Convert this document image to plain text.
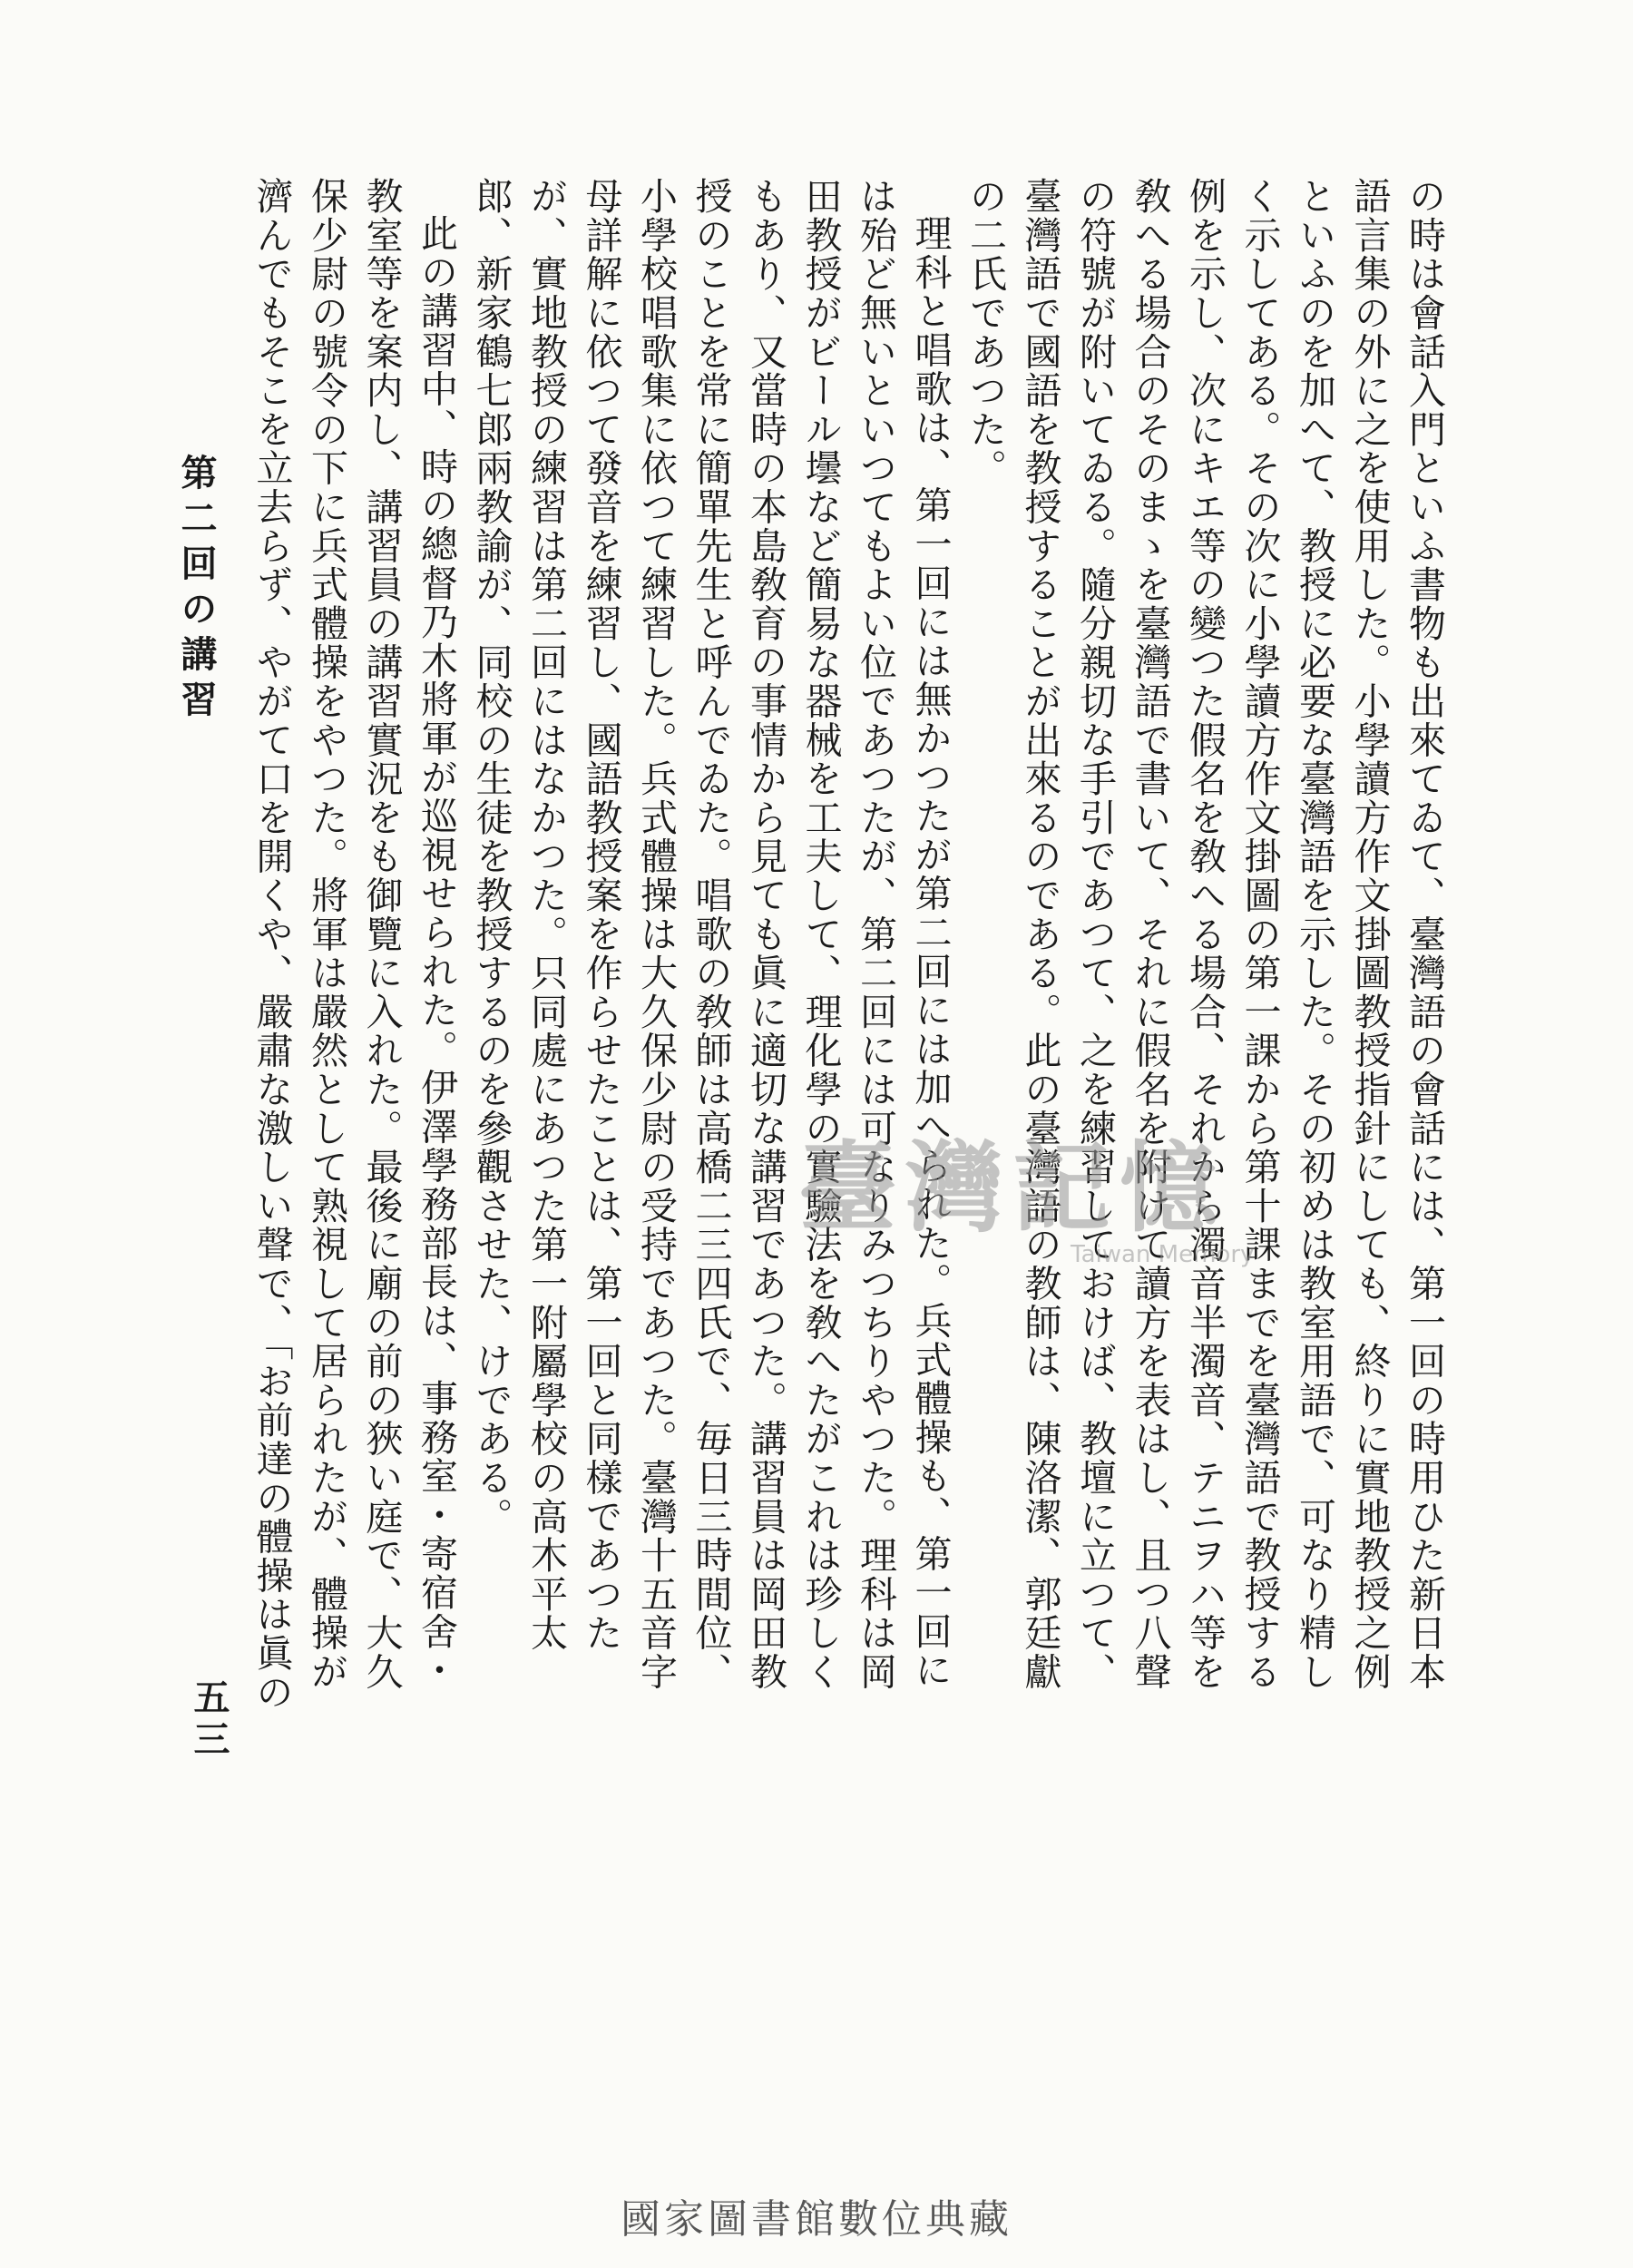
の時は會話入門といふ書物も出來てゐて、臺灣語の會話には、第一回の時用ひた新日本語言集の外に之を使用した。小學讀方作文掛圖教授指針にしても、終りに實地教授之例といふのを加へて、教授に必要な臺灣語を示した。その初めは教室用語で、可なり精しく示してある。その次に小學讀方作文掛圖の第一課から第十課までを臺灣語で教授する例を示し、次にキエ等の變つた假名を敎へる場合、それから濁音半濁音、テニヲハ等を敎へる場合のそのまゝを臺灣語で書いて、それに假名を附けて讀方を表はし、且つ八聲の符號が附いてゐる。隨分親切な手引であつて、之を練習しておけば、教壇に立つて、臺灣語で國語を教授することが出來るのである。此の臺灣語の教師は、陳洛潔、郭廷獻の二氏であつた。

理科と唱歌は、第一回には無かつたが第二回には加へられた。兵式體操も、第一回には殆ど無いといつてもよい位であつたが、第二回には可なりみつちりやつた。理科は岡田教授がビール壜など簡易な器械を工夫して、理化學の實驗法を敎へたがこれは珍しくもあり、又當時の本島敎育の事情から見ても眞に適切な講習であつた。講習員は岡田教授のことを常に簡單先生と呼んでゐた。唱歌の敎師は高橋二三四氏で、毎日三時間位、小學校唱歌集に依つて練習した。兵式體操は大久保少尉の受持であつた。臺灣十五音字母詳解に依つて發音を練習し、國語教授案を作らせたことは、第一回と同樣であつたが、實地教授の練習は第二回にはなかつた。只同處にあつた第一附屬學校の高木平太郎、新家鶴七郎兩教諭が、同校の生徒を教授するのを參觀させた、けである。

此の講習中、時の總督乃木將軍が巡視せられた。伊澤學務部長は、事務室・寄宿舍・教室等を案内し、講習員の講習實況をも御覽に入れた。最後に廟の前の狹い庭で、大久保少尉の號令の下に兵式體操をやつた。將軍は嚴然として熟視して居られたが、體操が濟んでもそこを立去らず、やがて口を開くや、嚴肅な激しい聲で、「お前達の體操は眞の

第二回の講習
五三
臺灣記憶
Taiwan Memory
國家圖書館數位典藏
